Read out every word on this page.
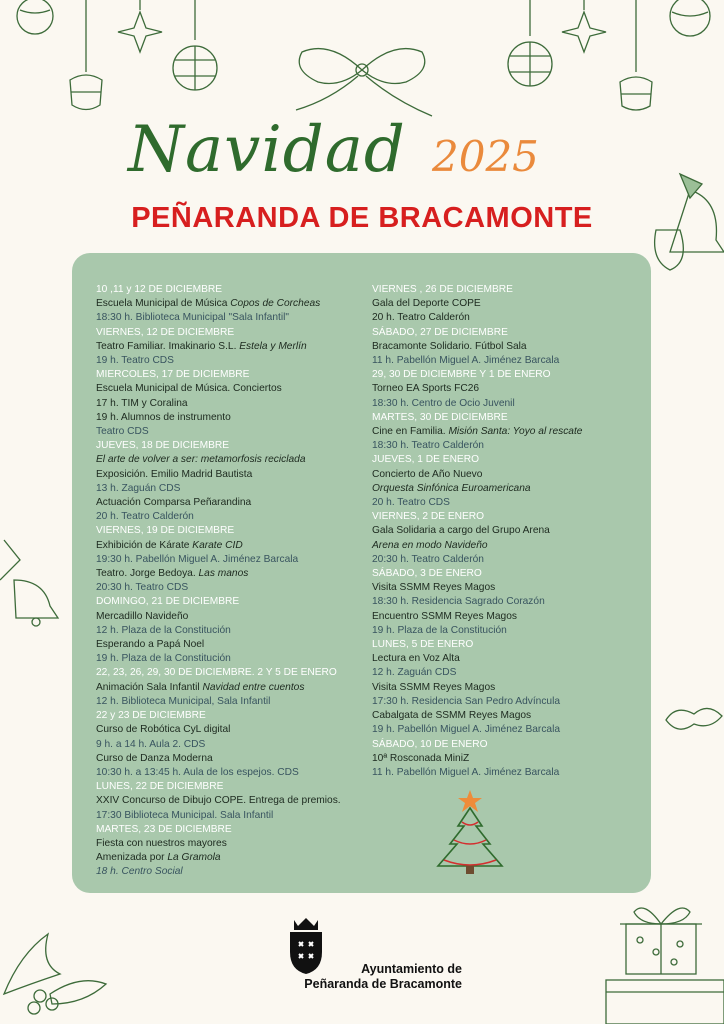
Navidad 2025
PEÑARANDA DE BRACAMONTE
10 ,11 y 12 DE DICIEMBRE
Escuela Municipal de Música Copos de Corcheas
18:30 h. Biblioteca Municipal "Sala Infantil"
VIERNES, 12 DE DICIEMBRE
Teatro Familiar. Imakinario S.L. Estela y Merlín
19 h. Teatro CDS
MIERCOLES, 17 DE DICIEMBRE
Escuela Municipal de Música. Conciertos
17 h. TIM y Coralina
19 h. Alumnos de instrumento
Teatro CDS
JUEVES, 18 DE DICIEMBRE
El arte de volver a ser: metamorfosis reciclada
Exposición. Emilio Madrid Bautista
13 h. Zaguán CDS
Actuación Comparsa Peñarandina
20 h. Teatro Calderón
VIERNES, 19 DE DICIEMBRE
Exhibición de Kárate Karate CID
19:30 h. Pabellón Miguel A. Jiménez Barcala
Teatro. Jorge Bedoya. Las manos
20:30 h. Teatro CDS
DOMINGO, 21 DE DICIEMBRE
Mercadillo Navideño
12 h. Plaza de la Constitución
Esperando a Papá Noel
19 h. Plaza de la Constitución
22, 23, 26, 29, 30 DE DICIEMBRE. 2 Y 5 DE ENERO
Animación Sala Infantil Navidad entre cuentos
12 h. Biblioteca Municipal, Sala Infantil
22 y 23 DE DICIEMBRE
Curso de Robótica CyL digital
9 h. a 14 h. Aula 2. CDS
Curso de Danza Moderna
10:30 h. a 13:45 h. Aula de los espejos. CDS
LUNES, 22 DE DICIEMBRE
XXIV Concurso de Dibujo COPE. Entrega de premios.
17:30 Biblioteca Municipal. Sala Infantil
MARTES, 23 DE DICIEMBRE
Fiesta con nuestros mayores
Amenizada por La Gramola
18 h. Centro Social
VIERNES , 26 DE DICIEMBRE
Gala del Deporte COPE
20 h. Teatro Calderón
SÁBADO, 27 DE DICIEMBRE
Bracamonte Solidario. Fútbol Sala
11 h. Pabellón Miguel A. Jiménez Barcala
29, 30 DE DICIEMBRE Y 1 DE ENERO
Torneo EA Sports FC26
18:30 h. Centro de Ocio Juvenil
MARTES, 30 DE DICIEMBRE
Cine en Familia. Misión Santa: Yoyo al rescate
18:30 h. Teatro Calderón
JUEVES, 1 DE ENERO
Concierto de Año Nuevo
Orquesta Sinfónica Euroamericana
20 h. Teatro CDS
VIERNES, 2 DE ENERO
Gala Solidaria a cargo del Grupo Arena
Arena en modo Navideño
20:30 h. Teatro Calderón
SÁBADO, 3 DE ENERO
Visita SSMM Reyes Magos
18:30 h. Residencia Sagrado Corazón
Encuentro SSMM Reyes Magos
19 h. Plaza de la Constitución
LUNES, 5 DE ENERO
Lectura en Voz Alta
12 h. Zaguán CDS
Visita SSMM Reyes Magos
17:30 h. Residencia San Pedro Advíncula
Cabalgata de SSMM Reyes Magos
19 h. Pabellón Miguel A. Jiménez Barcala
SÁBADO, 10 DE ENERO
10ª Rosconada MiniZ
11 h. Pabellón Miguel A. Jiménez Barcala
Ayuntamiento de
Peñaranda de Bracamonte
